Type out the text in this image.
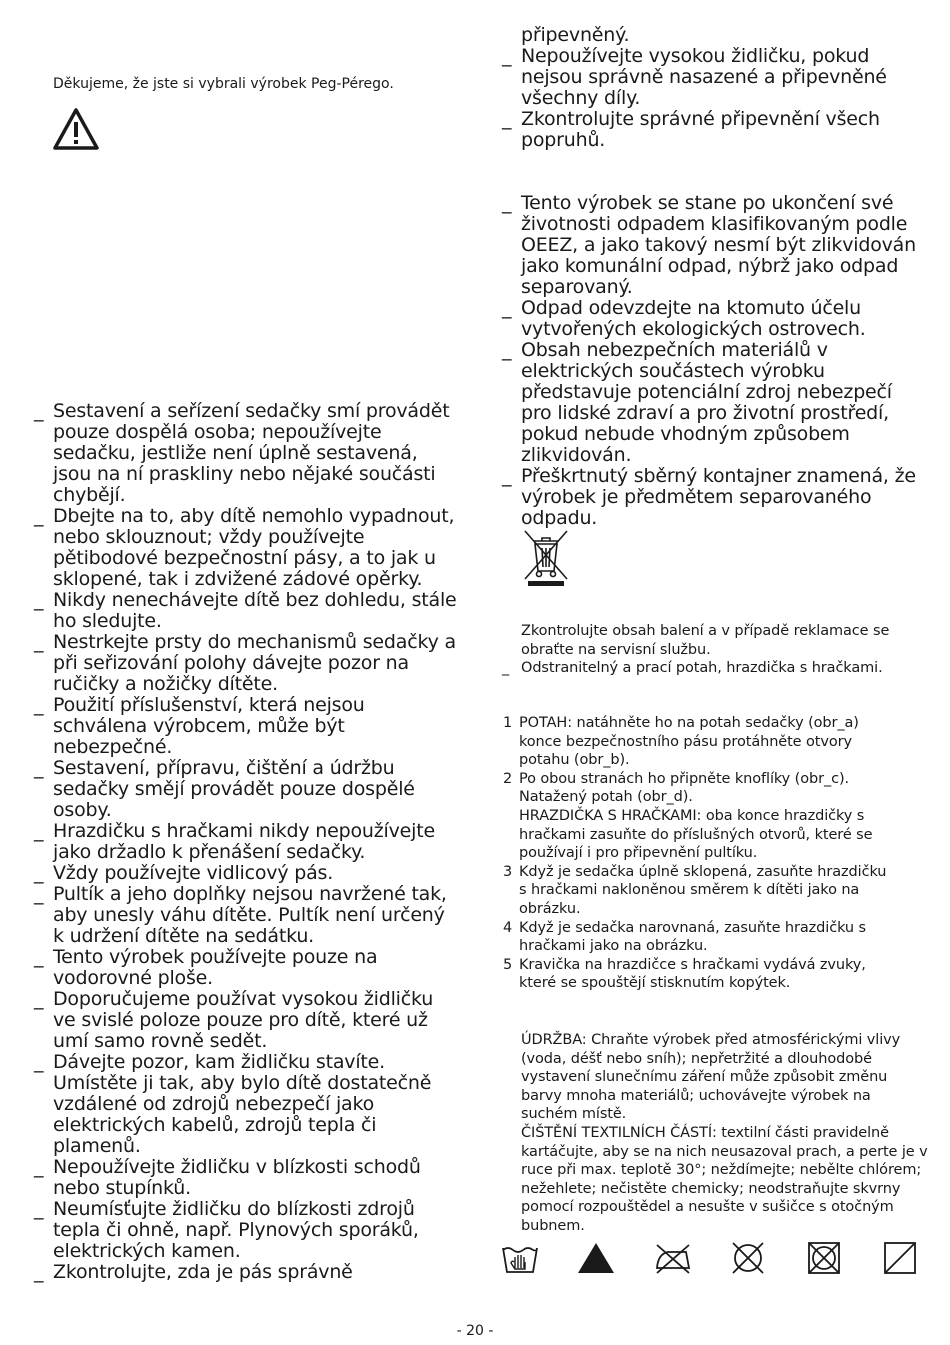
Děkujeme, že jste si vybrali výrobek Peg-Pérego.
_ Sestavení a seřízení sedačky smí provádět pouze dospělá osoba; nepoužívejte sedačku, jestliže není úplně sestavená, jsou na ní praskliny nebo nějaké součásti chybějí.
_ Dbejte na to, aby dítě nemohlo vypadnout, nebo sklouznout; vždy používejte pětibodové bezpečnostní pásy, a to jak u sklopené, tak i zdvižené zádové opěrky.
_ Nikdy nenechávejte dítě bez dohledu, stále ho sledujte.
_ Nestrkejte prsty do mechanismů sedačky a při seřizování polohy dávejte pozor na ručičky a nožičky dítěte.
_ Použití příslušenství, která nejsou schválena výrobcem, může být nebezpečné.
_ Sestavení, přípravu, čištění a údržbu sedačky smějí provádět pouze dospělé osoby.
_ Hrazdičku s hračkami nikdy nepoužívejte jako držadlo k přenášení sedačky.
_ Vždy používejte vidlicový pás.
_ Pultík a jeho doplňky nejsou navržené tak, aby unesly váhu dítěte. Pultík není určený k udržení dítěte na sedátku.
_ Tento výrobek používejte pouze na vodorovné ploše.
_ Doporučujeme používat vysokou židličku ve svislé poloze pouze pro dítě, které už umí samo rovně sedět.
_ Dávejte pozor, kam židličku stavíte. Umístěte ji tak, aby bylo dítě dostatečně vzdálené od zdrojů nebezpečí jako elektrických kabelů, zdrojů tepla či plamenů.
_ Nepoužívejte židličku v blízkosti schodů nebo stupínků.
_ Neumísťujte židličku do blízkosti zdrojů tepla či ohně, např. Plynových sporáků, elektrických kamen.
_ Zkontrolujte, zda je pás správně
připevněný.
_ Nepoužívejte vysokou židličku, pokud nejsou správně nasazené a připevněné všechny díly.
_ Zkontrolujte správné připevnění všech popruhů.
_ Tento výrobek se stane po ukončení své životnosti odpadem klasifikovaným podle OEEZ, a jako takový nesmí být zlikvidován jako komunální odpad, nýbrž jako odpad separovaný.
_ Odpad odevzdejte na ktomuto účelu vytvořených ekologických ostrovech.
_ Obsah nebezpečních materiálů v elektrických součástech výrobku představuje potenciální zdroj nebezpečí pro lidské zdraví a pro životní prostředí, pokud nebude vhodným způsobem zlikvidován.
_ Přeškrtnutý sběrný kontajner znamená, že výrobek je předmětem separovaného odpadu.
Zkontrolujte obsah balení a v případě reklamace se obraťte na servisní službu.
_ Odstranitelný a prací potah, hrazdička s hračkami.
1 POTAH: natáhněte ho na potah sedačky (obr_a) konce bezpečnostního pásu protáhněte otvory potahu (obr_b).
2 Po obou stranách ho připněte knoflíky (obr_c). Natažený potah (obr_d).
HRAZDIČKA S HRAČKAMI: oba konce hrazdičky s hračkami zasuňte do příslušných otvorů, které se používají i pro připevnění pultíku.
3 Když je sedačka úplně sklopená, zasuňte hrazdičku s hračkami nakloněnou směrem k dítěti jako na obrázku.
4 Když je sedačka narovnaná, zasuňte hrazdičku s hračkami jako na obrázku.
5 Kravička na hrazdičce s hračkami vydává zvuky, které se spouštějí stisknutím kopýtek.
ÚDRŽBA: Chraňte výrobek před atmosférickými vlivy (voda, déšť nebo sníh); nepřetržité a dlouhodobé vystavení slunečnímu záření může způsobit změnu barvy mnoha materiálů; uchovávejte výrobek na suchém místě.
ČIŠTĚNÍ TEXTILNÍCH ČÁSTÍ: textilní části pravidelně kartáčujte, aby se na nich neusazoval prach, a perte je v ruce při max. teplotě 30°; neždímejte; nebělte chlórem; nežehlete; nečistěte chemicky; neodstraňujte skvrny pomocí rozpouštědel a nesušte v sušičce s otočným bubnem.
- 20 -
